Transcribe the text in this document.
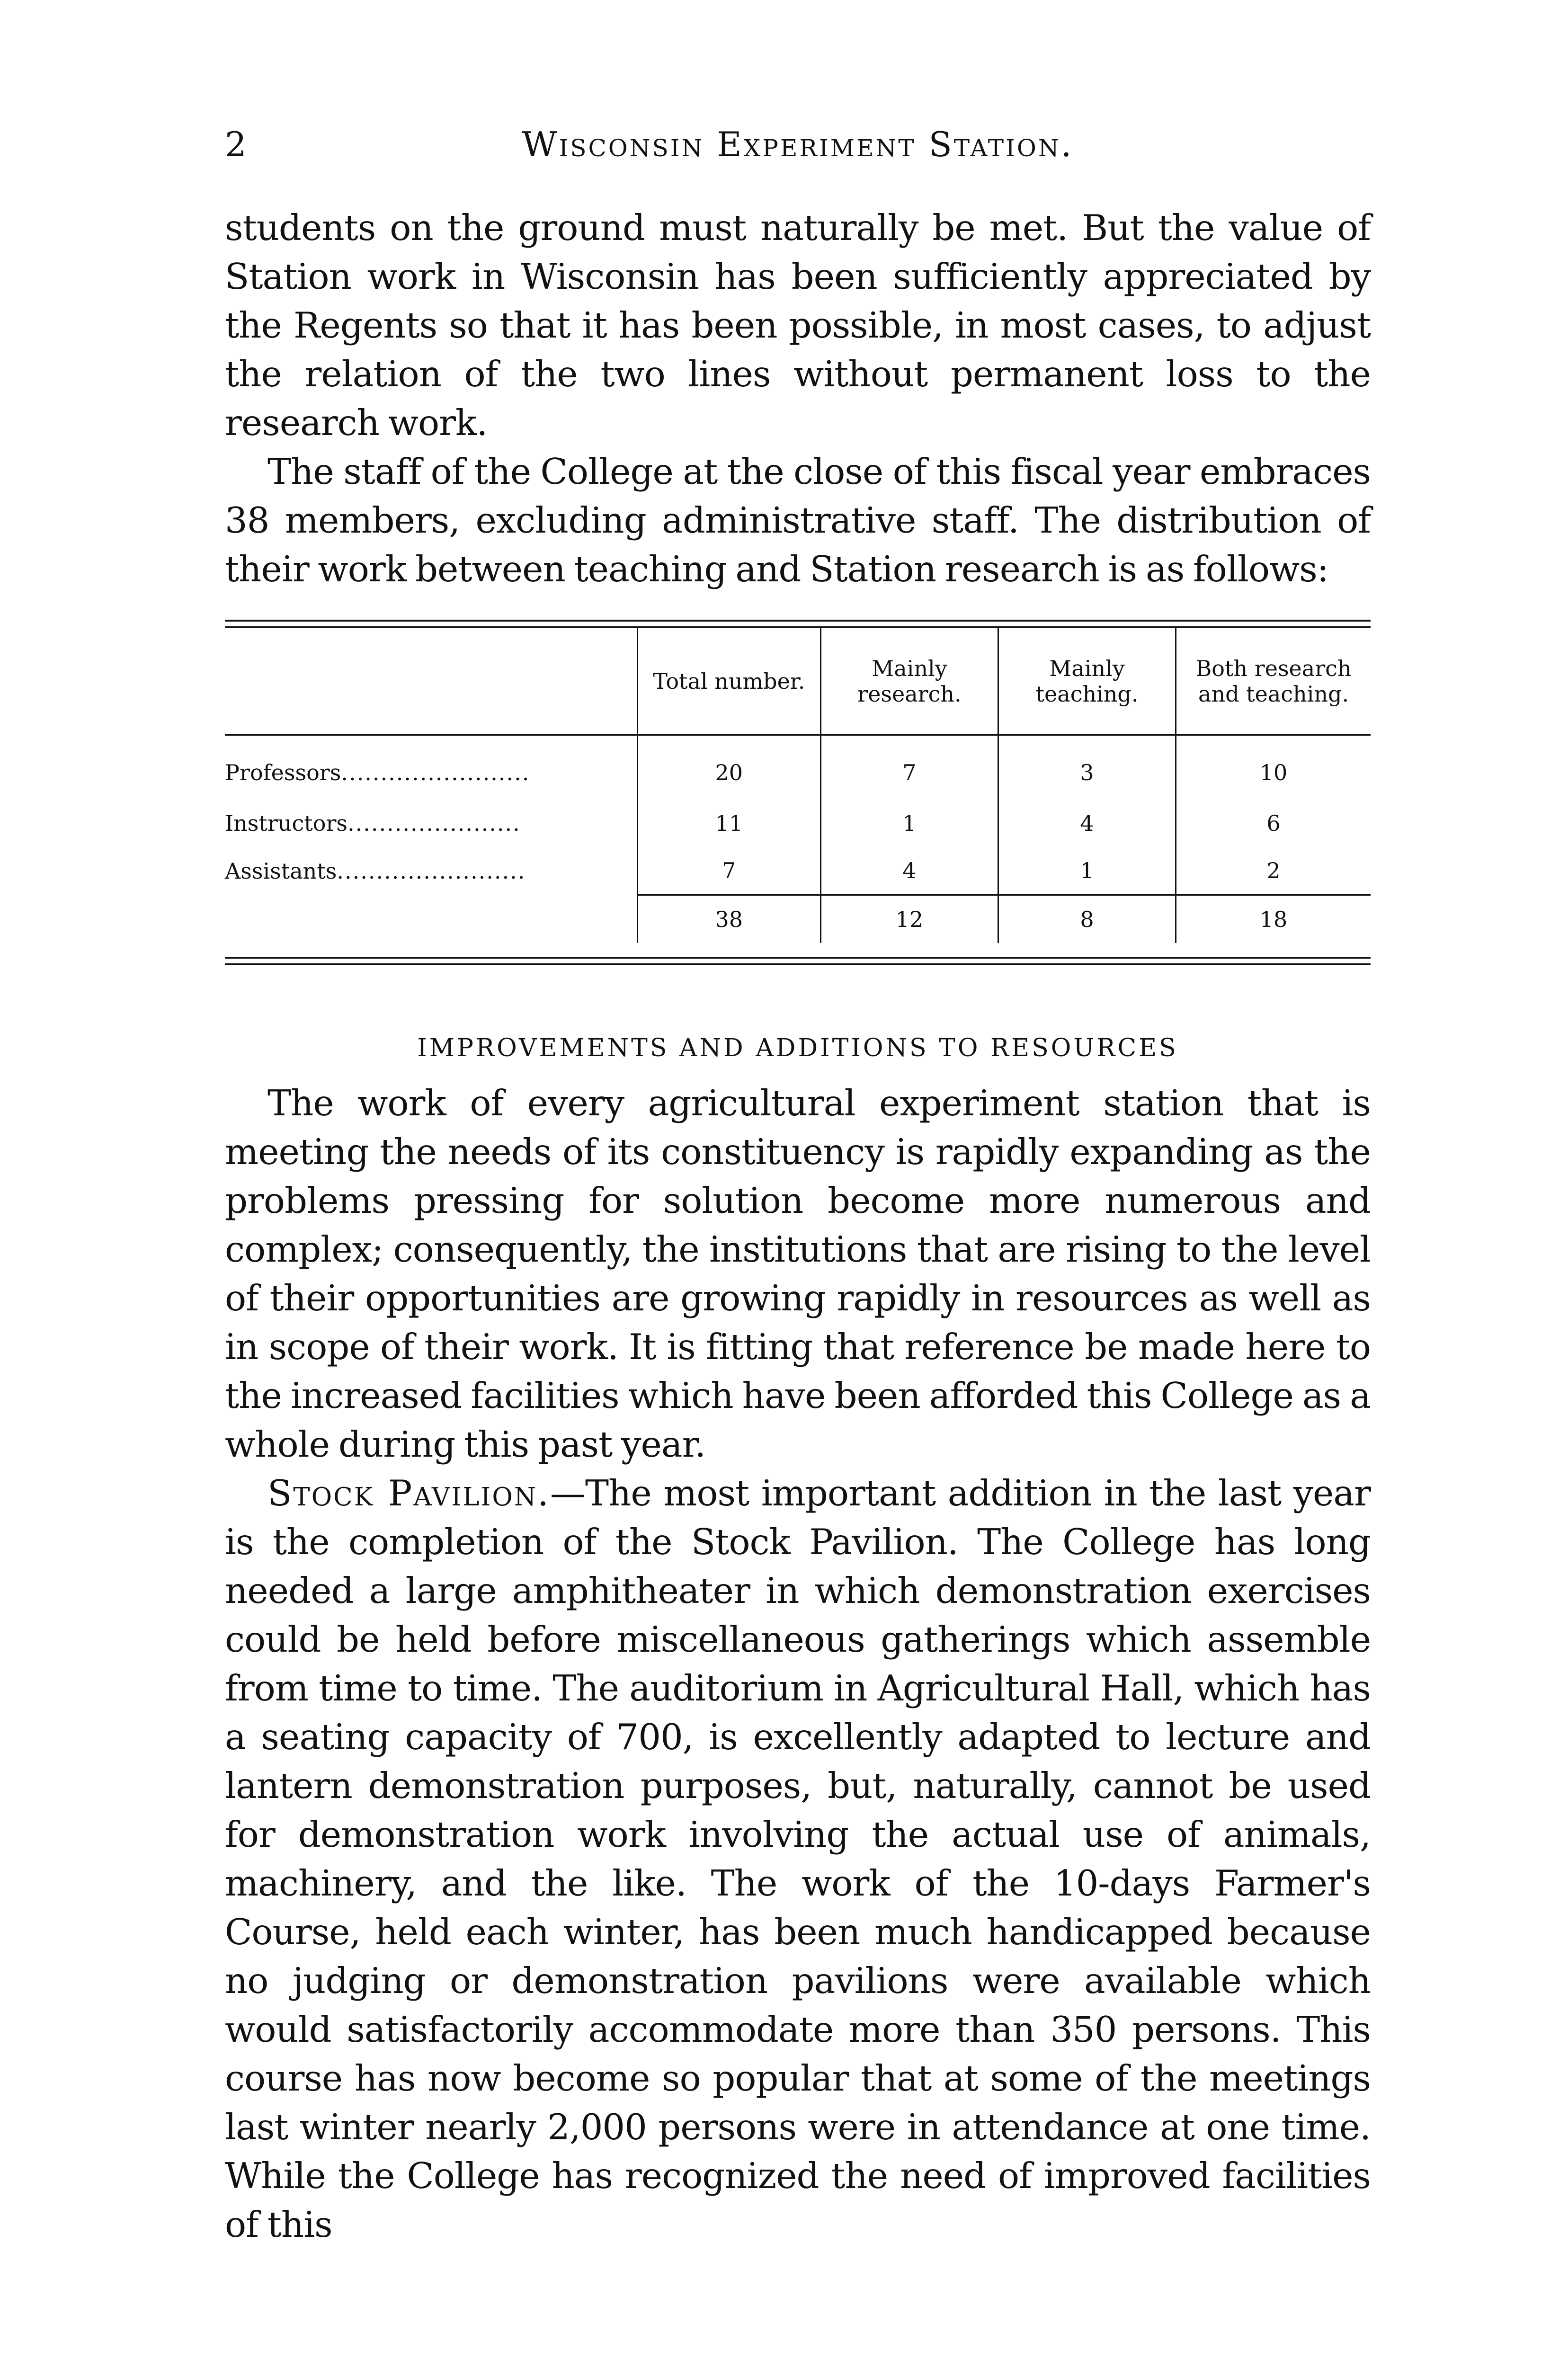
2	Wisconsin Experiment Station.

students on the ground must naturally be met. But the value of Station work in Wisconsin has been sufficiently appreciated by the Regents so that it has been possible, in most cases, to adjust the relation of the two lines without permanent loss to the research work.

The staff of the College at the close of this fiscal year embraces 38 members, excluding administrative staff. The distribution of their work between teaching and Station research is as follows:

	Total number.	Mainly research.	Mainly teaching.	Both research and teaching.
Professors........................	20	7	3	10
Instructors......................	11	1	4	6
Assistants........................	7	4	1	2
	38	12	8	18
IMPROVEMENTS AND ADDITIONS TO RESOURCES

The work of every agricultural experiment station that is meeting the needs of its constituency is rapidly expanding as the problems pressing for solution become more numerous and complex; consequently, the institutions that are rising to the level of their opportunities are growing rapidly in resources as well as in scope of their work. It is fitting that reference be made here to the increased facilities which have been afforded this College as a whole during this past year.

Stock Pavilion.—The most important addition in the last year is the completion of the Stock Pavilion. The College has long needed a large amphitheater in which demonstration exercises could be held before miscellaneous gatherings which assemble from time to time. The auditorium in Agricultural Hall, which has a seating capacity of 700, is excellently adapted to lecture and lantern demonstration purposes, but, naturally, cannot be used for demonstration work involving the actual use of animals, machinery, and the like. The work of the 10-days Farmer's Course, held each winter, has been much handicapped because no judging or demonstration pavilions were available which would satisfactorily accommodate more than 350 persons. This course has now become so popular that at some of the meetings last winter nearly 2,000 persons were in attendance at one time. While the College has recognized the need of improved facilities of this
